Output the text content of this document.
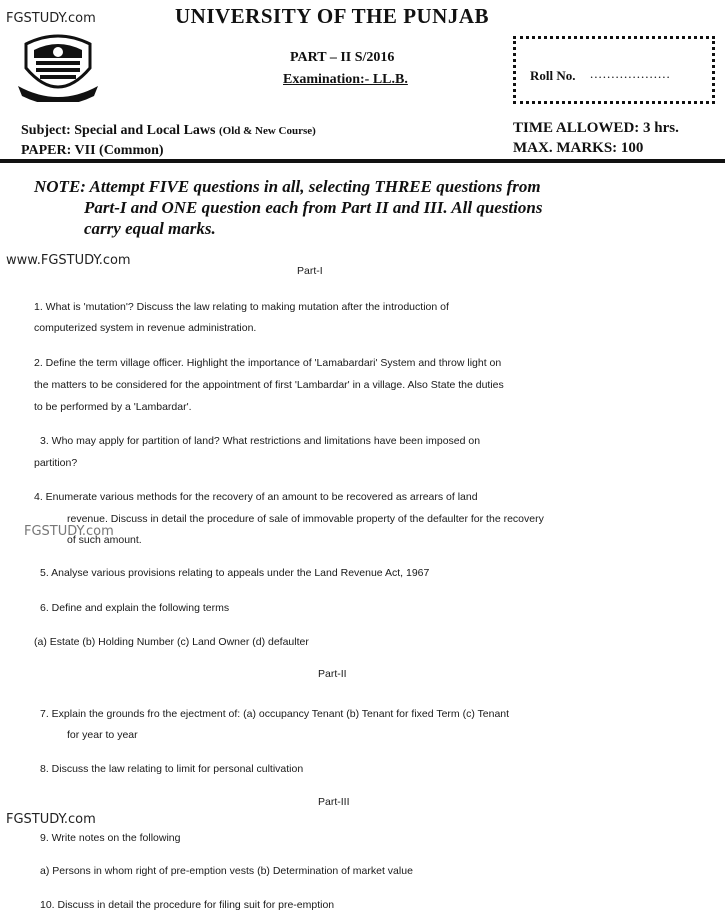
FGSTUDY.com
www.FGSTUDY.com
FGSTUDY.com
FGSTUDY.com
UNIVERSITY OF THE PUNJAB
PART – II S/2016
Examination:- LL.B.	Roll No. ...................
Subject: Special and Local Laws (Old & New Course)
PAPER: VII (Common)
TIME ALLOWED: 3 hrs.
MAX. MARKS: 100
NOTE: Attempt FIVE questions in all, selecting THREE questions from
Part-I and ONE question each from Part II and III. All questions
carry equal marks.
Part-I
1. What is 'mutation'? Discuss the law relating to making mutation after the introduction of
computerized system in revenue administration.
2. Define the term village officer. Highlight the importance of 'Lamabardari' System and throw light on
the matters to be considered for the appointment of first 'Lambardar' in a village. Also State the duties
to be performed by a 'Lambardar'.
3. Who may apply for partition of land? What restrictions and limitations have been imposed on
partition?
4. Enumerate various methods for the recovery of an amount to be recovered as arrears of land
revenue. Discuss in detail the procedure of sale of immovable property of the defaulter for the recovery
of such amount.
5. Analyse various provisions relating to appeals under the Land Revenue Act, 1967
6. Define and explain the following terms
(a) Estate (b) Holding Number (c) Land Owner (d) defaulter
Part-II
7. Explain the grounds fro the ejectment of: (a) occupancy Tenant (b) Tenant for fixed Term (c) Tenant
for year to year
8. Discuss the law relating to limit for personal cultivation
Part-III
9. Write notes on the following
a) Persons in whom right of pre-emption vests (b) Determination of market value
10. Discuss in detail the procedure for filing suit for pre-emption
